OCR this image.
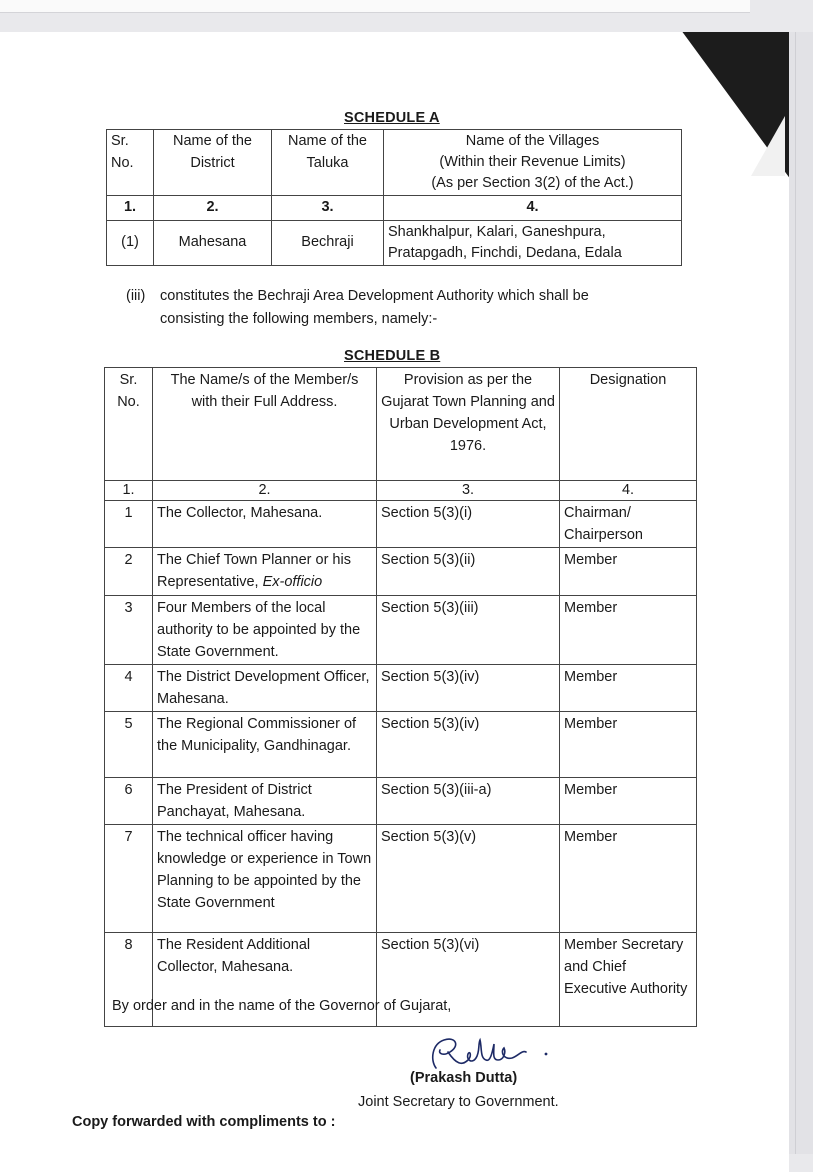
SCHEDULE A
Sr. No.	Name of the District	Name of the Taluka	Name of the Villages
(Within their Revenue Limits)
(As per Section 3(2) of the Act.)

1.	2.	3.	4.
(1)	Mahesana	Bechraji	Shankhalpur, Kalari, Ganeshpura,
Pratapgadh, Finchdi, Dedana, Edala
(iii) constitutes the Bechraji Area Development Authority which shall be
consisting the following members, namely:-
SCHEDULE B
Sr. No.	The Name/s of the Member/s with their Full Address.	Provision as per the Gujarat Town Planning and Urban Development Act, 1976.	Designation
1.	2.	3.	4.
1	The Collector, Mahesana.	Section 5(3)(i)	Chairman/ Chairperson
2	The Chief Town Planner or his Representative, Ex-officio	Section 5(3)(ii)	Member
3	Four Members of the local authority to be appointed by the State Government.	Section 5(3)(iii)	Member
4	The District Development Officer, Mahesana.	Section 5(3)(iv)	Member
5	The Regional Commissioner of the Municipality, Gandhinagar.	Section 5(3)(iv)	Member
6	The President of District Panchayat, Mahesana.	Section 5(3)(iii-a)	Member
7	The technical officer having knowledge or experience in Town Planning to be appointed by the State Government	Section 5(3)(v)	Member
8	The Resident Additional Collector, Mahesana.	Section 5(3)(vi)	Member Secretary and Chief Executive Authority
By order and in the name of the Governor of Gujarat,
(Prakash Dutta)
Joint Secretary to Government.
Copy forwarded with compliments to :
